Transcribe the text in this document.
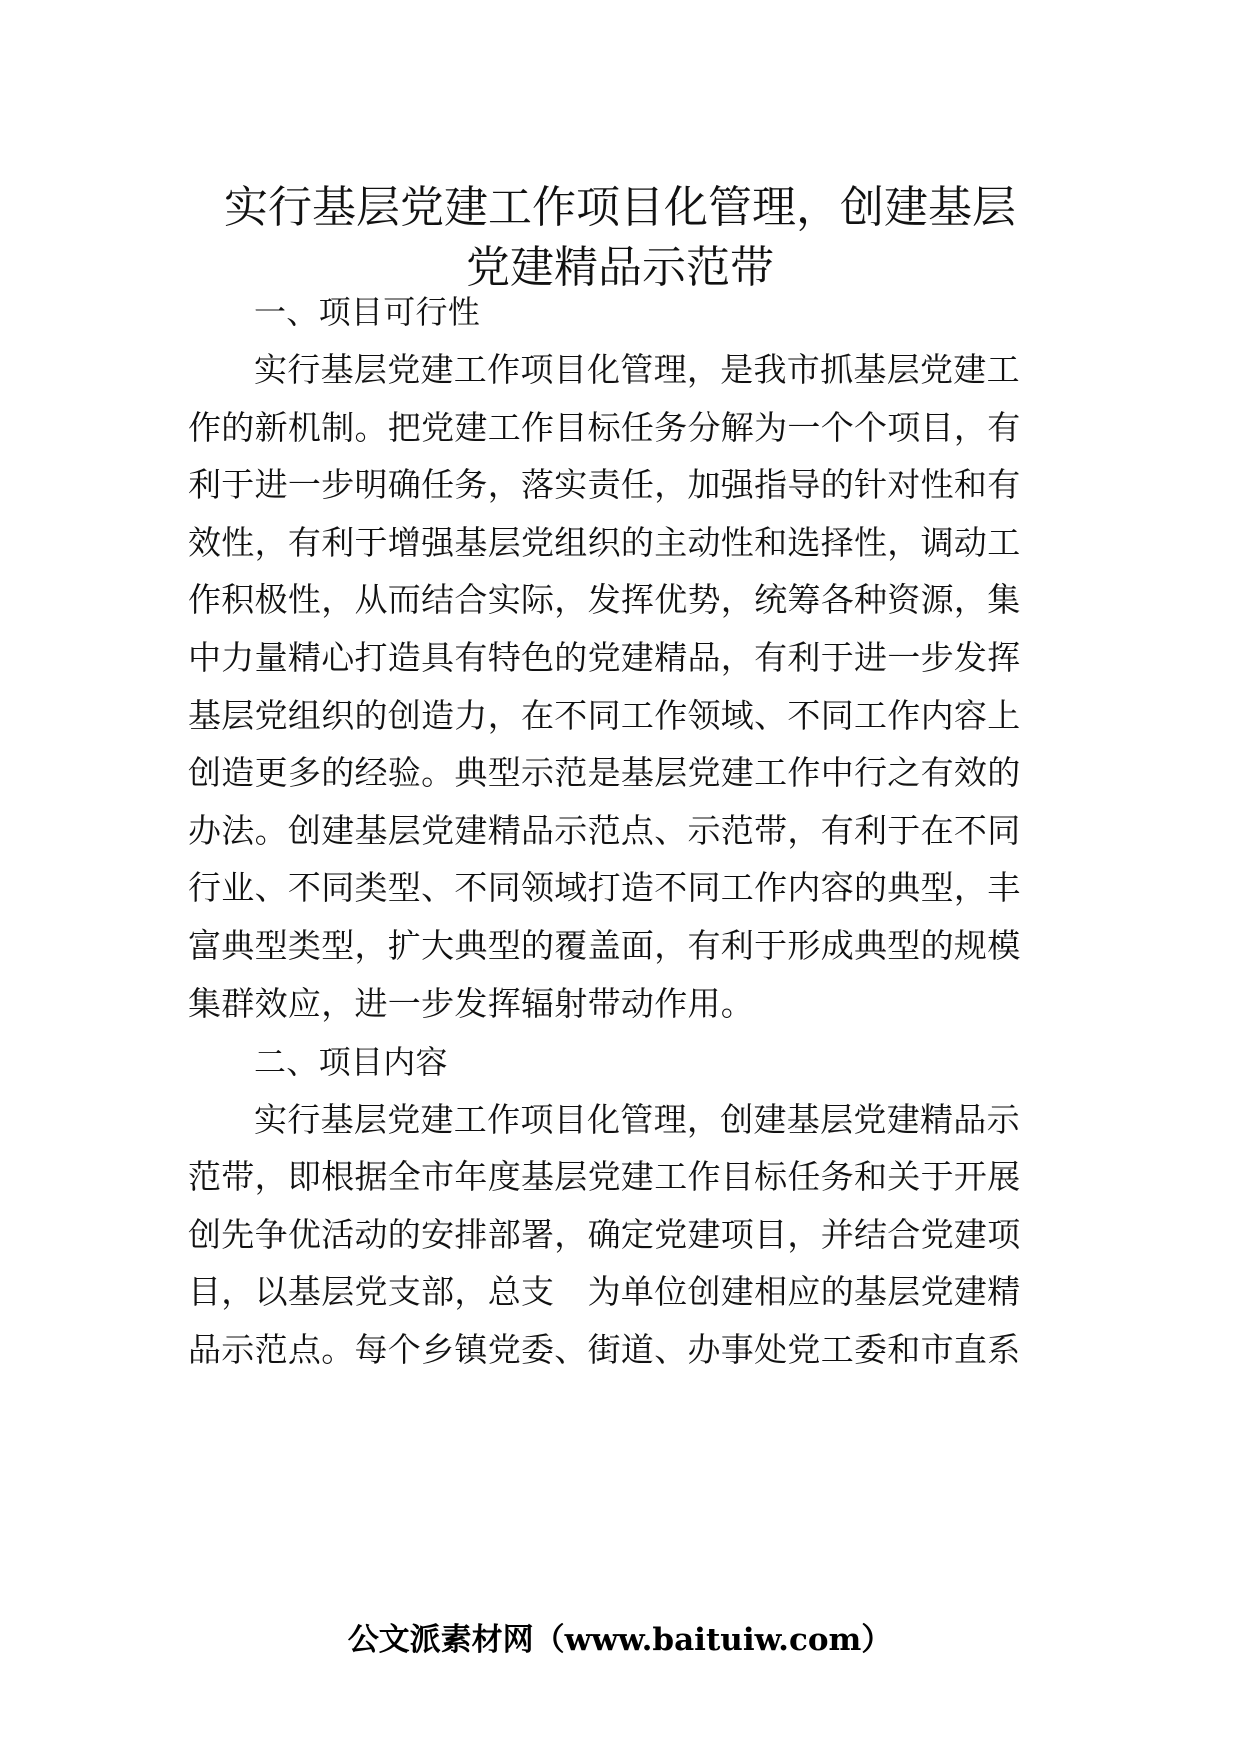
实行基层党建工作项目化管理，创建基层
党建精品示范带
一、项目可行性
实行基层党建工作项目化管理，是我市抓基层党建工
作的新机制。把党建工作目标任务分解为一个个项目，有
利于进一步明确任务，落实责任，加强指导的针对性和有
效性，有利于增强基层党组织的主动性和选择性，调动工
作积极性，从而结合实际，发挥优势，统筹各种资源，集
中力量精心打造具有特色的党建精品，有利于进一步发挥
基层党组织的创造力，在不同工作领域、不同工作内容上
创造更多的经验。典型示范是基层党建工作中行之有效的
办法。创建基层党建精品示范点、示范带，有利于在不同
行业、不同类型、不同领域打造不同工作内容的典型，丰
富典型类型，扩大典型的覆盖面，有利于形成典型的规模
集群效应，进一步发挥辐射带动作用。
二、项目内容
实行基层党建工作项目化管理，创建基层党建精品示
范带，即根据全市年度基层党建工作目标任务和关于开展
创先争优活动的安排部署，确定党建项目，并结合党建项
目，以基层党支部，总支　为单位创建相应的基层党建精
品示范点。每个乡镇党委、街道、办事处党工委和市直系
公文派素材网（www.baituiw.com）
